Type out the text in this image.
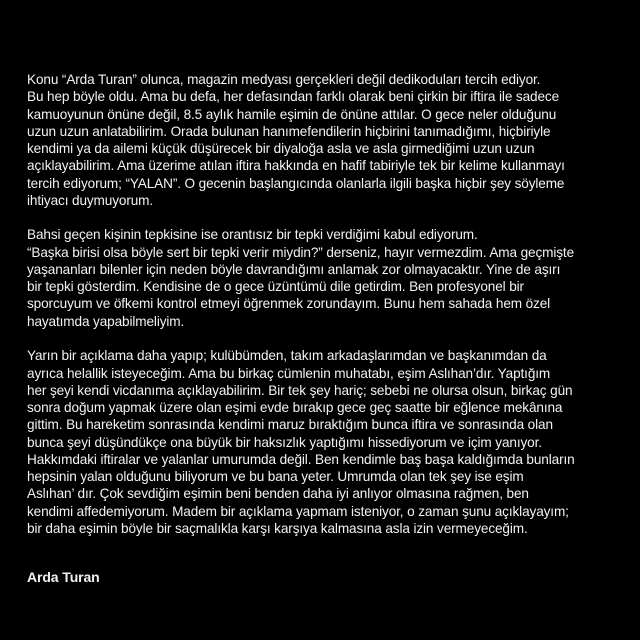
Konu “Arda Turan” olunca, magazin medyası gerçekleri değil dedikoduları tercih ediyor.
Bu hep böyle oldu. Ama bu defa, her defasından farklı olarak beni çirkin bir iftira ile sadece
kamuoyunun önüne değil, 8.5 aylık hamile eşimin de önüne attılar. O gece neler olduğunu
uzun uzun anlatabilirim. Orada bulunan hanımefendilerin hiçbirini tanımadığımı, hiçbiriyle
kendimi ya da ailemi küçük düşürecek bir diyaloğa asla ve asla girmediğimi uzun uzun
açıklayabilirim. Ama üzerime atılan iftira hakkında en hafif tabiriyle tek bir kelime kullanmayı
tercih ediyorum; “YALAN”. O gecenin başlangıcında olanlarla ilgili başka hiçbir şey söyleme
ihtiyacı duymuyorum.
Bahsi geçen kişinin tepkisine ise orantısız bir tepki verdiğimi kabul ediyorum.
“Başka birisi olsa böyle sert bir tepki verir miydin?” derseniz, hayır vermezdim. Ama geçmişte
yaşananları bilenler için neden böyle davrandığımı anlamak zor olmayacaktır. Yine de aşırı
bir tepki gösterdim. Kendisine de o gece üzüntümü dile getirdim. Ben profesyonel bir
sporcuyum ve öfkemi kontrol etmeyi öğrenmek zorundayım. Bunu hem sahada hem özel
hayatımda yapabilmeliyim.
Yarın bir açıklama daha yapıp; kulübümden, takım arkadaşlarımdan ve başkanımdan da
ayrıca helallik isteyeceğim. Ama bu birkaç cümlenin muhatabı, eşim Aslıhan’dır. Yaptığım
her şeyi kendi vicdanıma açıklayabilirim. Bir tek şey hariç; sebebi ne olursa olsun, birkaç gün
sonra doğum yapmak üzere olan eşimi evde bırakıp gece geç saatte bir eğlence mekânına
gittim. Bu hareketim sonrasında kendimi maruz bıraktığım bunca iftira ve sonrasında olan
bunca şeyi düşündükçe ona büyük bir haksızlık yaptığımı hissediyorum ve içim yanıyor.
Hakkımdaki iftiralar ve yalanlar umurumda değil. Ben kendimle baş başa kaldığımda bunların
hepsinin yalan olduğunu biliyorum ve bu bana yeter. Umrumda olan tek şey ise eşim
Aslıhan’ dır. Çok sevdiğim eşimin beni benden daha iyi anlıyor olmasına rağmen, ben
kendimi affedemiyorum. Madem bir açıklama yapmam isteniyor, o zaman şunu açıklayayım;
bir daha eşimin böyle bir saçmalıkla karşı karşıya kalmasına asla izin vermeyeceğim.
Arda Turan
